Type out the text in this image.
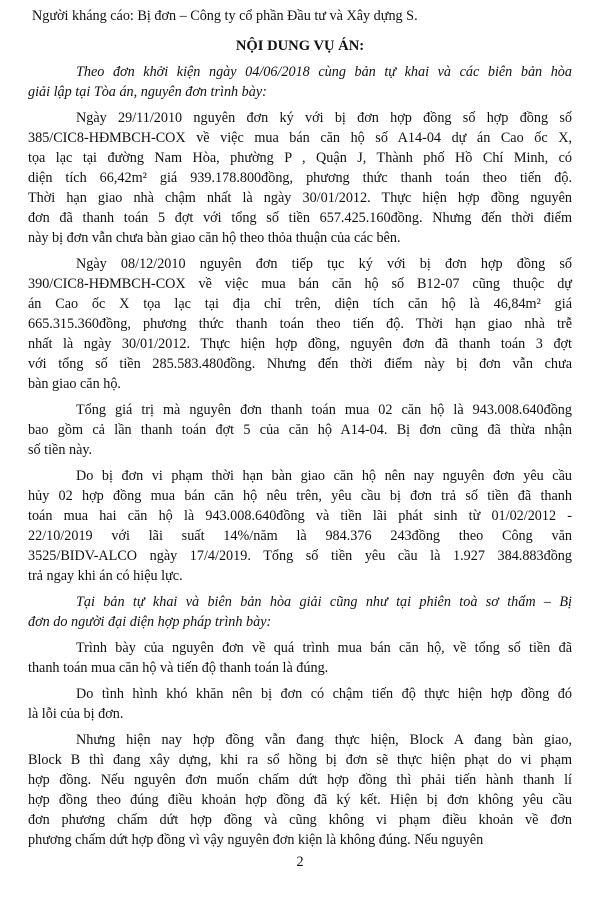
Người kháng cáo: Bị đơn – Công ty cổ phần Đầu tư và Xây dựng S.
NỘI DUNG VỤ ÁN:
Theo đơn khởi kiện ngày 04/06/2018 cùng bản tự khai và các biên bản hòa
giải lập tại Tòa án, nguyên đơn trình bày:
Ngày 29/11/2010 nguyên đơn ký với bị đơn hợp đồng số hợp đồng số
385/CIC8-HĐMBCH-COX về việc mua bán căn hộ số A14-04 dự án Cao ốc X,
tọa lạc tại đường Nam Hòa, phường P , Quận J, Thành phố Hồ Chí Minh, có
diện tích 66,42m² giá 939.178.800đồng, phương thức thanh toán theo tiến độ.
Thời hạn giao nhà chậm nhất là ngày 30/01/2012. Thực hiện hợp đồng nguyên
đơn đã thanh toán 5 đợt với tổng số tiền 657.425.160đồng. Nhưng đến thời điểm
này bị đơn vẫn chưa bàn giao căn hộ theo thỏa thuận của các bên.
Ngày 08/12/2010 nguyên đơn tiếp tục ký với bị đơn hợp đồng số
390/CIC8-HĐMBCH-COX về việc mua bán căn hộ số B12-07 cũng thuộc dự
án Cao ốc X tọa lạc tại địa chỉ trên, diện tích căn hộ là 46,84m² giá
665.315.360đồng, phương thức thanh toán theo tiến độ. Thời hạn giao nhà trễ
nhất là ngày 30/01/2012. Thực hiện hợp đồng, nguyên đơn đã thanh toán 3 đợt
với tổng số tiền 285.583.480đồng. Nhưng đến thời điểm này bị đơn vẫn chưa
bàn giao căn hộ.
Tổng giá trị mà nguyên đơn thanh toán mua 02 căn hộ là 943.008.640đồng
bao gồm cả lần thanh toán đợt 5 của căn hộ A14-04. Bị đơn cũng đã thừa nhận
số tiền này.
Do bị đơn vi phạm thời hạn bàn giao căn hộ nên nay nguyên đơn yêu cầu
hủy 02 hợp đồng mua bán căn hộ nêu trên, yêu cầu bị đơn trả số tiền đã thanh
toán mua hai căn hộ là 943.008.640đồng và tiền lãi phát sinh từ 01/02/2012 -
22/10/2019 với lãi suất 14%/năm là 984.376 243đồng theo Công văn
3525/BIDV-ALCO ngày 17/4/2019. Tổng số tiền yêu cầu là 1.927 384.883đồng
trả ngay khi án có hiệu lực.
Tại bản tự khai và biên bản hòa giải cũng như tại phiên toà sơ thẩm – Bị
đơn do người đại diện hợp pháp trình bày:
Trình bày của nguyên đơn về quá trình mua bán căn hộ, về tổng số tiền đã
thanh toán mua căn hộ và tiến độ thanh toán là đúng.
Do tình hình khó khăn nên bị đơn có chậm tiến độ thực hiện hợp đồng đó
là lỗi của bị đơn.
Nhưng hiện nay hợp đồng vẫn đang thực hiện, Block A đang bàn giao,
Block B thì đang xây dựng, khi ra sổ hồng bị đơn sẽ thực hiện phạt do vi phạm
hợp đồng. Nếu nguyên đơn muốn chấm dứt hợp đồng thì phải tiến hành thanh lí
hợp đồng theo đúng điều khoản hợp đồng đã ký kết. Hiện bị đơn không yêu cầu
đơn phương chấm dứt hợp đồng và cũng không vi phạm điều khoản về đơn
phương chấm dứt hợp đồng vì vậy nguyên đơn kiện là không đúng. Nếu nguyên
2
